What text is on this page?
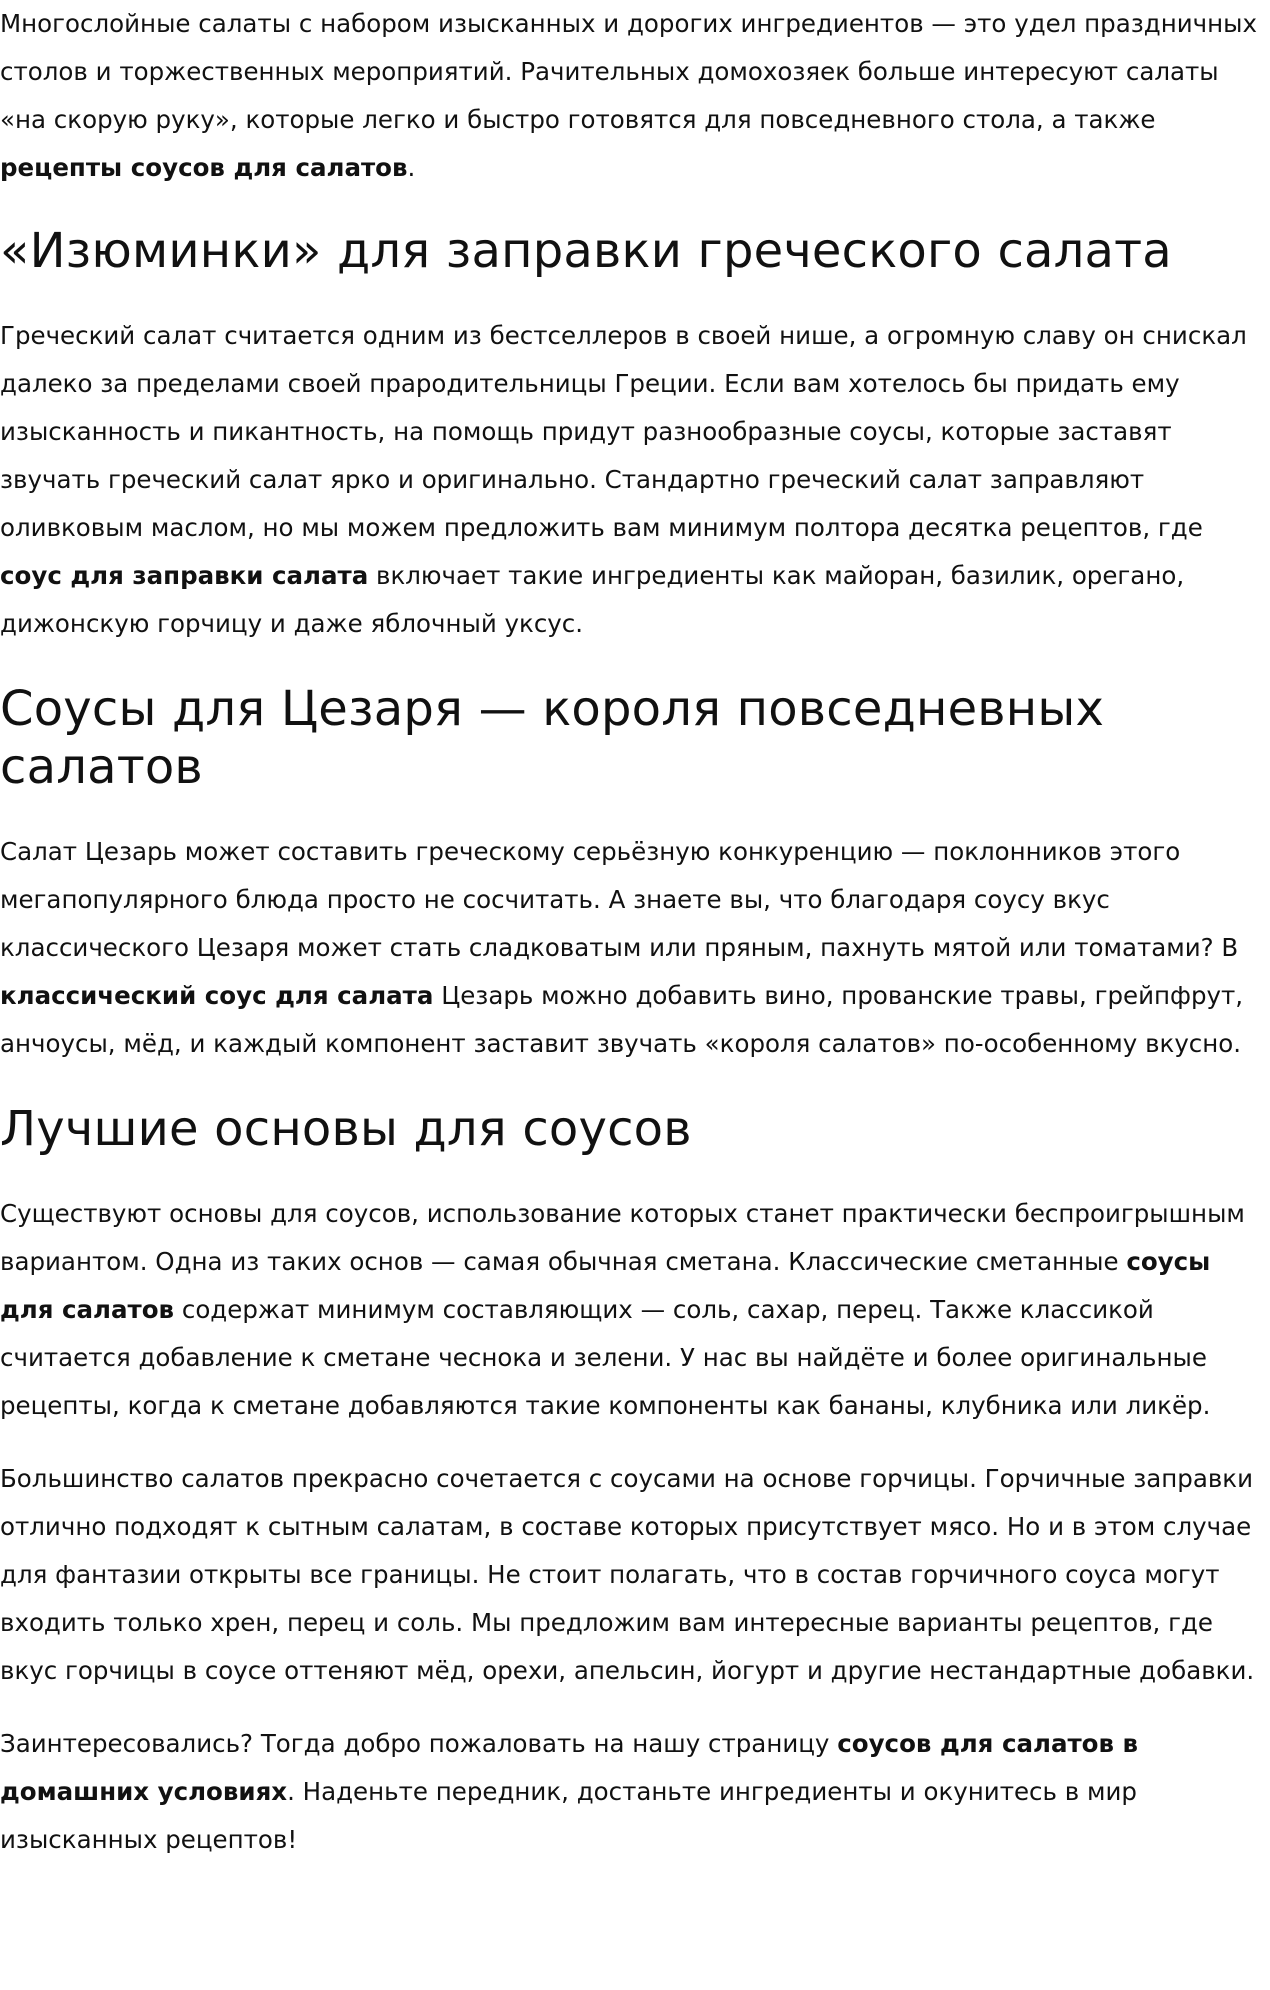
Многослойные салаты с набором изысканных и дорогих ингредиентов — это удел праздничных столов и торжественных мероприятий. Рачительных домохозяек больше интересуют салаты «на скорую руку», которые легко и быстро готовятся для повседневного стола, а также рецепты соусов для салатов.

«Изюминки» для заправки греческого салата

Греческий салат считается одним из бестселлеров в своей нише, а огромную славу он снискал далеко за пределами своей прародительницы Греции. Если вам хотелось бы придать ему изысканность и пикантность, на помощь придут разнообразные соусы, которые заставят звучать греческий салат ярко и оригинально. Стандартно греческий салат заправляют оливковым маслом, но мы можем предложить вам минимум полтора десятка рецептов, где соус для заправки салата включает такие ингредиенты как майоран, базилик, орегано, дижонскую горчицу и даже яблочный уксус.

Соусы для Цезаря — короля повседневных салатов

Салат Цезарь может составить греческому серьёзную конкуренцию — поклонников этого мегапопулярного блюда просто не сосчитать. А знаете вы, что благодаря соусу вкус классического Цезаря может стать сладковатым или пряным, пахнуть мятой или томатами? В классический соус для салата Цезарь можно добавить вино, прованские травы, грейпфрут, анчоусы, мёд, и каждый компонент заставит звучать «короля салатов» по-особенному вкусно.

Лучшие основы для соусов

Существуют основы для соусов, использование которых станет практически беспроигрышным вариантом. Одна из таких основ — самая обычная сметана. Классические сметанные соусы для салатов содержат минимум составляющих — соль, сахар, перец. Также классикой считается добавление к сметане чеснока и зелени. У нас вы найдёте и более оригинальные рецепты, когда к сметане добавляются такие компоненты как бананы, клубника или ликёр.

Большинство салатов прекрасно сочетается с соусами на основе горчицы. Горчичные заправки отлично подходят к сытным салатам, в составе которых присутствует мясо. Но и в этом случае для фантазии открыты все границы. Не стоит полагать, что в состав горчичного соуса могут входить только хрен, перец и соль. Мы предложим вам интересные варианты рецептов, где вкус горчицы в соусе оттеняют мёд, орехи, апельсин, йогурт и другие нестандартные добавки.

Заинтересовались? Тогда добро пожаловать на нашу страницу соусов для салатов в домашних условиях. Наденьте передник, достаньте ингредиенты и окунитесь в мир изысканных рецептов!
